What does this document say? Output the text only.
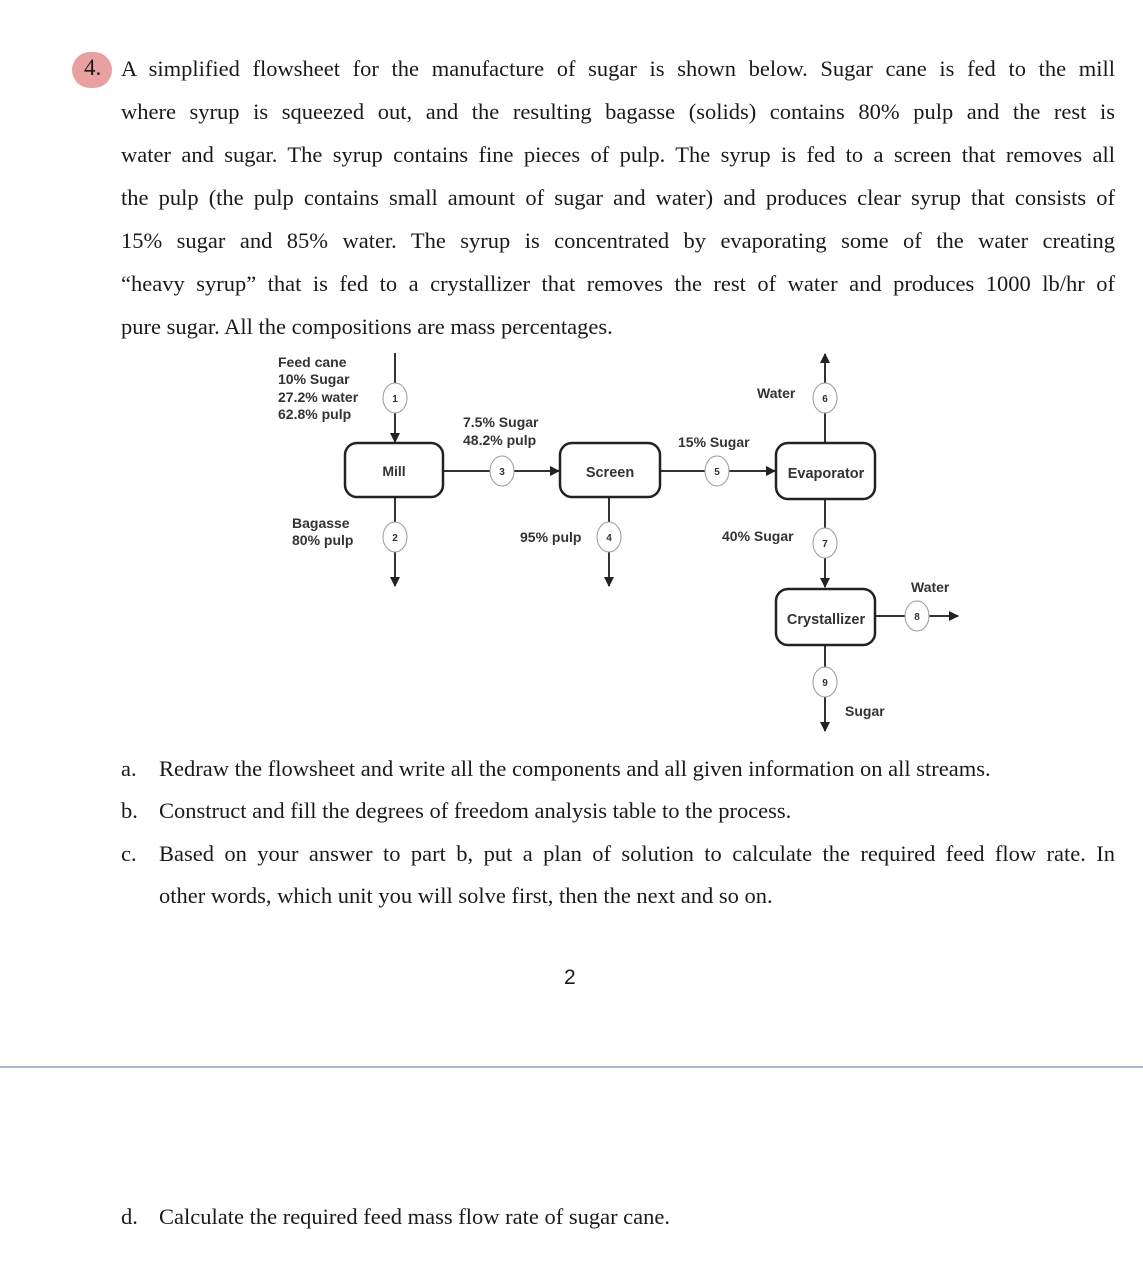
4. A simplified flowsheet for the manufacture of sugar is shown below. Sugar cane is fed to the mill
where syrup is squeezed out, and the resulting bagasse (solids) contains 80% pulp and the rest is
water and sugar. The syrup contains fine pieces of pulp. The syrup is fed to a screen that removes all
the pulp (the pulp contains small amount of sugar and water) and produces clear syrup that consists of
15% sugar and 85% water. The syrup is concentrated by evaporating some of the water creating
“heavy syrup” that is fed to a crystallizer that removes the rest of water and produces 1000 lb/hr of
pure sugar. All the compositions are mass percentages.
Mill	Screen	Evaporator
Crystallizer
1
2
3
4
5
6
7
8
9
Feed cane
10% Sugar
27.2% water
62.8% pulp
Bagasse
80% pulp
7.5% Sugar
48.2% pulp
95% pulp
15% Sugar
Water
40% Sugar
Water
Sugar
a. Redraw the flowsheet and write all the components and all given information on all streams.
b. Construct and fill the degrees of freedom analysis table to the process.
c. Based on your answer to part b, put a plan of solution to calculate the required feed flow rate. In
other words, which unit you will solve first, then the next and so on.
2
d. Calculate the required feed mass flow rate of sugar cane.
